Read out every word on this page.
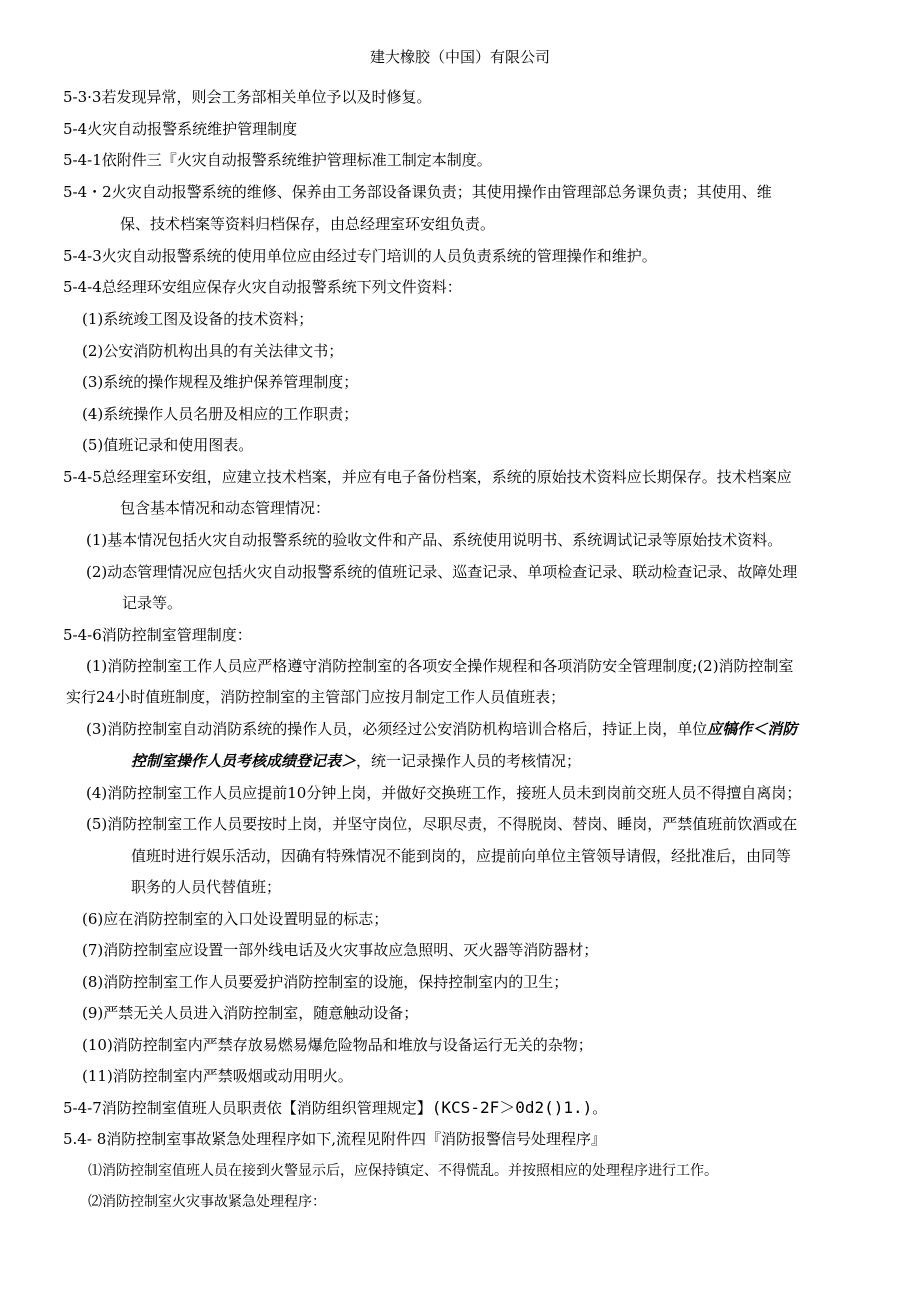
建大橡胶（中国）有限公司
5-3·3若发现异常，则会工务部相关单位予以及时修复。
5-4火灾自动报警系统维护管理制度
5-4-1依附件三『火灾自动报警系统维护管理标准工制定本制度。
5-4・2火灾自动报警系统的维修、保养由工务部设备课负责；其使用操作由管理部总务课负责；其使用、维
保、技术档案等资料归档保存，由总经理室环安组负责。
5-4-3火灾自动报警系统的使用单位应由经过专门培训的人员负责系统的管理操作和维护。
5-4-4总经理环安组应保存火灾自动报警系统下列文件资料：
(1)系统竣工图及设备的技术资料；
(2)公安消防机构出具的有关法律文书；
(3)系统的操作规程及维护保养管理制度；
(4)系统操作人员名册及相应的工作职责；
(5)值班记录和使用图表。
5-4-5总经理室环安组，应建立技术档案，并应有电子备份档案，系统的原始技术资料应长期保存。技术档案应
包含基本情况和动态管理情况：
(1)基本情况包括火灾自动报警系统的验收文件和产品、系统使用说明书、系统调试记录等原始技术资料。
(2)动态管理情况应包括火灾自动报警系统的值班记录、巡查记录、单项检查记录、联动检查记录、故障处理
记录等。
5-4-6消防控制室管理制度：
(1)消防控制室工作人员应严格遵守消防控制室的各项安全操作规程和各项消防安全管理制度;(2)消防控制室
实行24小时值班制度，消防控制室的主管部门应按月制定工作人员值班表；
(3)消防控制室自动消防系统的操作人员，必须经过公安消防机构培训合格后，持证上岗，单位应犒作＜消防
控制室操作人员考核成绩登记表＞，统一记录操作人员的考核情况；
(4)消防控制室工作人员应提前10分钟上岗，并做好交换班工作，接班人员未到岗前交班人员不得擅自离岗；
(5)消防控制室工作人员要按时上岗，并坚守岗位，尽职尽责，不得脱岗、替岗、睡岗，严禁值班前饮酒或在
值班时进行娱乐活动，因确有特殊情况不能到岗的，应提前向单位主管领导请假，经批准后，由同等
职务的人员代替值班；
(6)应在消防控制室的入口处设置明显的标志；
(7)消防控制室应设置一部外线电话及火灾事故应急照明、灭火器等消防器材；
(8)消防控制室工作人员要爱护消防控制室的设施，保持控制室内的卫生；
(9)严禁无关人员进入消防控制室，随意触动设备；
(10)消防控制室内严禁存放易燃易爆危险物品和堆放与设备运行无关的杂物；
(11)消防控制室内严禁吸烟或动用明火。
5-4-7消防控制室值班人员职责依【消防组织管理规定】(KCS-2F＞0d2()1.)。
5.4- 8消防控制室事故紧急处理程序如下,流程见附件四『消防报警信号处理程序』
⑴消防控制室值班人员在接到火警显示后，应保持镇定、不得慌乱。并按照相应的处理程序进行工作。
⑵消防控制室火灾事故紧急处理程序：
